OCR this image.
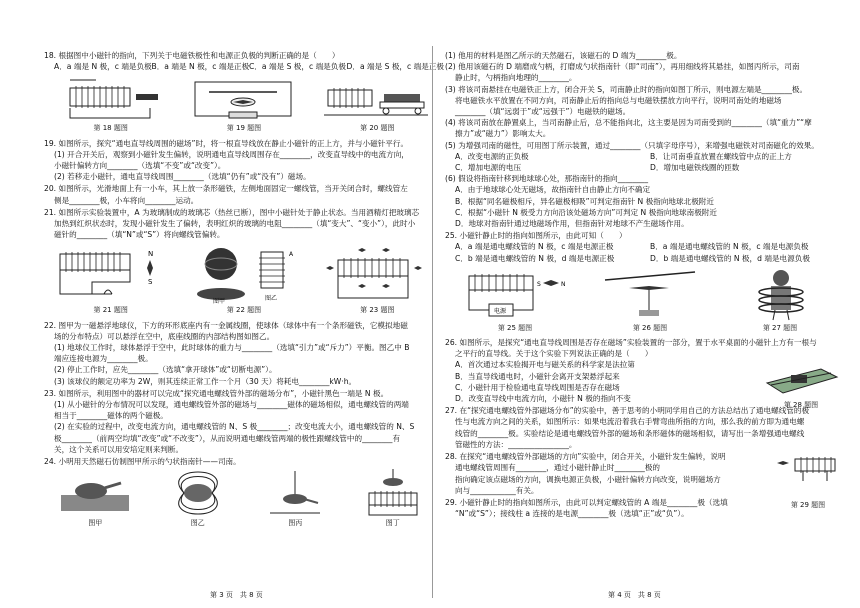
18. 根据图中小磁针的指向，下列关于电磁铁极性和电源正负极的判断正确的是（　　）
A．a 端是 N 极，c 端是负极 B．a 端是 N 极，c 端是正极 C．a 端是 S 极，c 端是负极 D．a 端是 S 极，c 端是正极
第 18 题图	第 19 题图	第 20 题图
19. 如图所示，探究“通电直导线周围的磁场”时，将一根直导线放在静止小磁针的正上方，并与小磁针平行。
(1) 开合开关后，观察到小磁针发生偏转，说明通电直导线周围存在________，改变直导线中的电流方向，
小磁针偏转方向________（选填“不变”或“改变”）。
(2) 若移走小磁针，通电直导线周围________（选填“仍有”或“没有”）磁场。
20. 如图所示，光滑地面上有一小车，其上放一条形磁铁，左侧地面固定一螺线管，当开关闭合时，螺线管左
侧是________极，小车将向________运动。
21. 如图所示实验装置中，A 为玻璃制成的玻璃芯（热丝已断），图中小磁针处于静止状态。当用酒精灯把玻璃芯
加热到红炽状态时，发现小磁针发生了偏转，表明红炽的玻璃的电阻________（填“变大”、“变小”），此时小
磁针的________（填“N”或“S”）将向螺线管偏转。
N
S
第 21 题图
图甲	图乙
A
第 22 题图	第 23 题图
22. 图甲为一磁悬浮地球仪，下方的环形底座内有一金属线圈，使球体（球体中有一个条形磁铁，它模拟地磁
场的分布特点）可以悬浮在空中，底座线圈的内部结构图如图乙。
(1) 地球仪工作时，球体悬浮于空中，此时球体的重力与________（选填“引力”或“斥力”）平衡。图乙中 B
端应连接电源为________极。
(2) 停止工作时，应先________（选填“拿开球体”或“切断电源”）。
(3) 该球仪的额定功率为 2W，则其连续正常工作一个月（30 天）将耗电________kW·h。
23. 如图所示，利用图中的器材可以完成“探究通电螺线管外部的磁场分布”，小磁针黑色一端是 N 极。
(1) 从小磁针的分布情况可以发现，通电螺线管外部的磁场与________磁体的磁场相似，通电螺线管的两端
相当于________磁体的两个磁极。
(2) 在实验的过程中，改变电流方向，通电螺线管的 N、S 极________；改变电流大小，通电螺线管的 N、S
极________（前两空均填“改变”或“不改变”），从而说明通电螺线管两端的极性跟螺线管中的________有
关，这个关系可以用安培定则来判断。
24. 小明用天然磁石仿制图甲所示的勺状指南针——司南。
图甲	图乙	图丙	图丁
(1) 他用的材料是图乙所示的天然磁石，该磁石的 D 端为________极。
(2) 他用该磁石的 D 端磨成勺柄，打磨成勺状指南针（即“司南”），再用细线将其悬挂，如图丙所示，司南
静止时，勺柄指向地理的________。
(3) 将该司南悬挂在电磁铁正上方，闭合开关 S，司南静止时的指向如图丁所示，则电源左端是________极。
将电磁铁水平放置在不同方向，司南静止后的指向总与电磁铁摆放方向平行，说明司南处的地磁场
________（填“远弱于”或“远强于”）电磁铁的磁场。
(4) 将该司南放在静置桌上，当司南静止后，总不能指向北，这主要是因为司南受到的________（填“重力”“摩
擦力”或“磁力”）影响太大。
(5) 为增强司南的磁性，可用图丁所示装置，通过________（只填字母序号），来增强电磁铁对司南磁化的效果。
A．改变电源的正负极	B．让司南垂直放置在螺线管中点的正上方
C．增加电源的电压	D．增加电磁铁线圈的匝数
(6) 假设将指南针移到地球球心处，那指南针的指向________
A．由于地球球心处无磁场，故指南针自由静止方向不确定
B．根据“同名磁极相斥，异名磁极相吸”可判定指南针 N 极指向地球北极附近
C．根据“小磁针 N 极受力方向沿该处磁场方向”可判定 N 极指向地球南极附近
D．地球对指南针通过地磁场作用，但指南针对地球不产生磁场作用。
25. 小磁针静止时的指向如图所示，由此可知（　　）
A．a 端是通电螺线管的 N 极，c 端是电源正极	B．a 端是通电螺线管的 N 极，c 端是电源负极
C．b 端是通电螺线管的 N 极，d 端是电源正极	D．b 端是通电螺线管的 N 极，d 端是电源负极
N
S
电源
第 25 题图	第 26 题图	第 27 题图
26. 如图所示，是探究“通电直导线周围是否存在磁场”实验装置的一部分，置于水平桌面的小磁针上方有一根与
之平行的直导线。关于这个实验下列说法正确的是（　　）
A．首次通过本实验揭开电与磁关系的科学家是法拉第
B．当直导线通电时，小磁针会离开支架悬浮起来
C．小磁针用于检验通电直导线周围是否存在磁场
D．改变直导线中电流方向，小磁针 N 极的指向不变
第 28 题图
27. 在“探究通电螺线管外部磁场分布”的实验中，善于思考的小明同学用自己的方法总结出了通电螺线管的极
性与电流方向之间的关系，如图所示：如果电流沿着我右手臂弯曲所指的方向，那么我的前方即为通电螺
线管的________极。实验结论是通电螺线管外部的磁场和条形磁体的磁场相似，请写出一条增强通电螺线
管磁性的方法：________________。
28. 在探究“通电螺线管外部磁场的方向”实验中，闭合开关，小磁针发生偏转，说明
通电螺线管周围有________，通过小磁针静止时________极的
指向确定该点磁场的方向，调换电源正负极，小磁针偏转方向改变，说明磁场方
向与____________有关。
第 29 题图
29. 小磁针静止时的指向如图所示，由此可以判定螺线管的 A 端是________极（选填
“N”或“S”）；接线柱 a 连接的是电源________极（选填“正”或“负”）。
第 3 页　共 8 页	第 4 页　共 8 页
